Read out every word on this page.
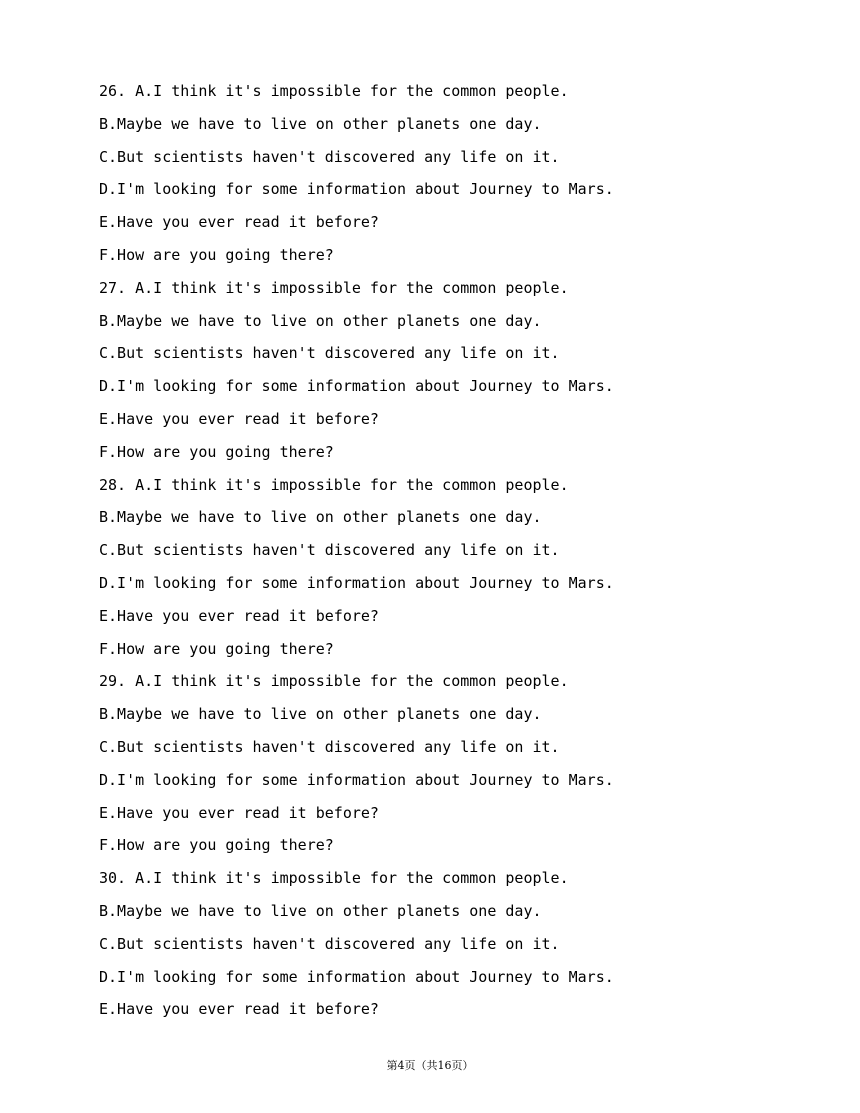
26. A.I think it's impossible for the common people.
B.Maybe we have to live on other planets one day.
C.But scientists haven't discovered any life on it.
D.I'm looking for some information about Journey to Mars.
E.Have you ever read it before?
F.How are you going there?
27. A.I think it's impossible for the common people.
B.Maybe we have to live on other planets one day.
C.But scientists haven't discovered any life on it.
D.I'm looking for some information about Journey to Mars.
E.Have you ever read it before?
F.How are you going there?
28. A.I think it's impossible for the common people.
B.Maybe we have to live on other planets one day.
C.But scientists haven't discovered any life on it.
D.I'm looking for some information about Journey to Mars.
E.Have you ever read it before?
F.How are you going there?
29. A.I think it's impossible for the common people.
B.Maybe we have to live on other planets one day.
C.But scientists haven't discovered any life on it.
D.I'm looking for some information about Journey to Mars.
E.Have you ever read it before?
F.How are you going there?
30. A.I think it's impossible for the common people.
B.Maybe we have to live on other planets one day.
C.But scientists haven't discovered any life on it.
D.I'm looking for some information about Journey to Mars.
E.Have you ever read it before?
第4页（共16页）
